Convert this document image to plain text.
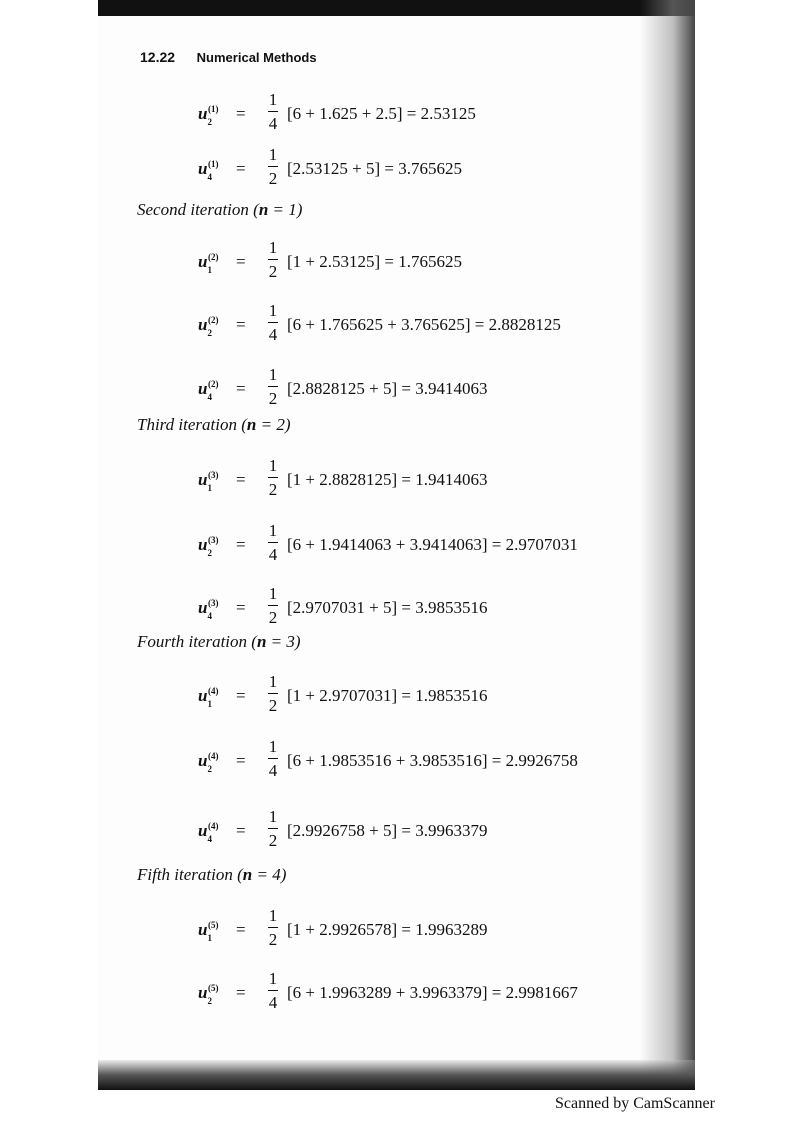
12.22 Numerical Methods
$u_2^{(1)}$	=
1
4
[6 + 1.625 + 2.5] = 2.53125
$u_4^{(1)}$	=
1
2
[2.53125 + 5] = 3.765625
Second iteration (n = 1)
$u_1^{(2)}$	=
1
2
[1 + 2.53125] = 1.765625
$u_2^{(2)}$	=
1
4
[6 + 1.765625 + 3.765625] = 2.8828125
$u_4^{(2)}$	=
1
2
[2.8828125 + 5] = 3.9414063
Third iteration (n = 2)
$u_1^{(3)}$	=
1
2
[1 + 2.8828125] = 1.9414063
$u_2^{(3)}$	=
1
4
[6 + 1.9414063 + 3.9414063] = 2.9707031
$u_4^{(3)}$	=
1
2
[2.9707031 + 5] = 3.9853516
Fourth iteration (n = 3)
$u_1^{(4)}$	=
1
2
[1 + 2.9707031] = 1.9853516
$u_2^{(4)}$	=
1
4
[6 + 1.9853516 + 3.9853516] = 2.9926758
$u_4^{(4)}$	=
1
2
[2.9926758 + 5] = 3.9963379
Fifth iteration (n = 4)
$u_1^{(5)}$	=
1
2
[1 + 2.9926578] = 1.9963289
$u_2^{(5)}$	=
1
4
[6 + 1.9963289 + 3.9963379] = 2.9981667
Scanned by CamScanner
